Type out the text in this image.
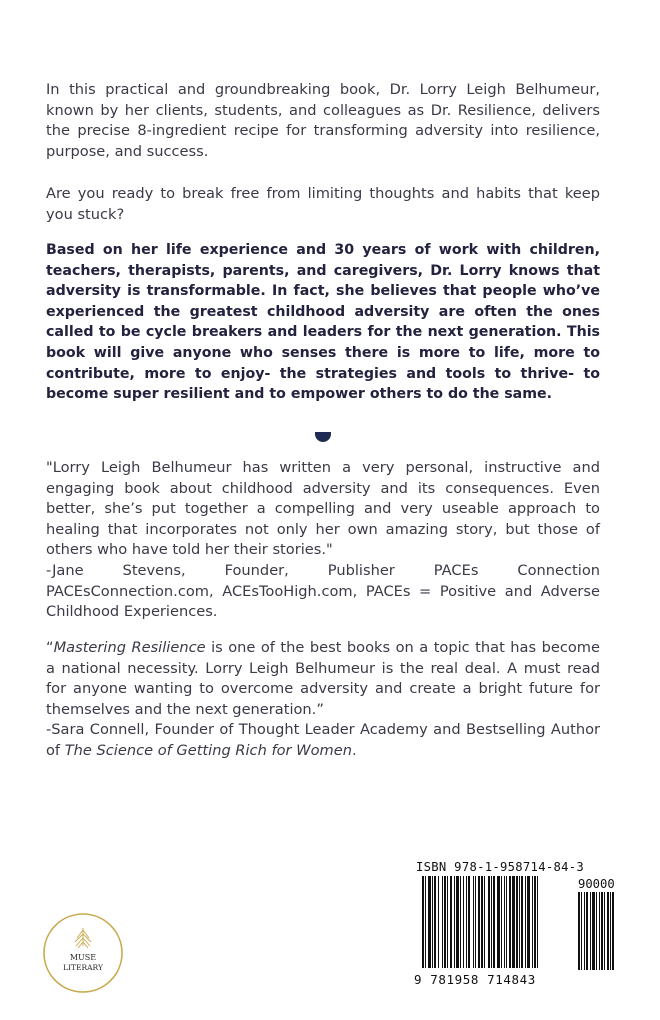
In this practical and groundbreaking book, Dr. Lorry Leigh Belhumeur, known by her clients, students, and colleagues as Dr. Resilience, delivers the precise 8-ingredient recipe for transforming adversity into resilience, purpose, and success.

Are you ready to break free from limiting thoughts and habits that keep you stuck?

Based on her life experience and 30 years of work with children, teachers, therapists, parents, and caregivers, Dr. Lorry knows that adversity is transformable. In fact, she believes that people who’ve experienced the greatest childhood adversity are often the ones called to be cycle breakers and leaders for the next generation. This book will give anyone who senses there is more to life, more to contribute, more to enjoy- the strategies and tools to thrive- to become super resilient and to empower others to do the same.

"Lorry Leigh Belhumeur has written a very personal, instructive and engaging book about childhood adversity and its consequences. Even better, she’s put together a compelling and very useable approach to healing that incorporates not only her own amazing story, but those of others who have told her their stories."
-Jane Stevens, Founder, Publisher PACEs Connection PACEsConnection.com, ACEsTooHigh.com, PACEs = Positive and Adverse Childhood Experiences.

“Mastering Resilience is one of the best books on a topic that has become a national necessity. Lorry Leigh Belhumeur is the real deal. A must read for anyone wanting to overcome adversity and create a bright future for themselves and the next generation.”
-Sara Connell, Founder of Thought Leader Academy and Bestselling Author of The Science of Getting Rich for Women.

MUSE
LITERARY
ISBN 978-1-958714-84-3
90000
9 781958 714843
